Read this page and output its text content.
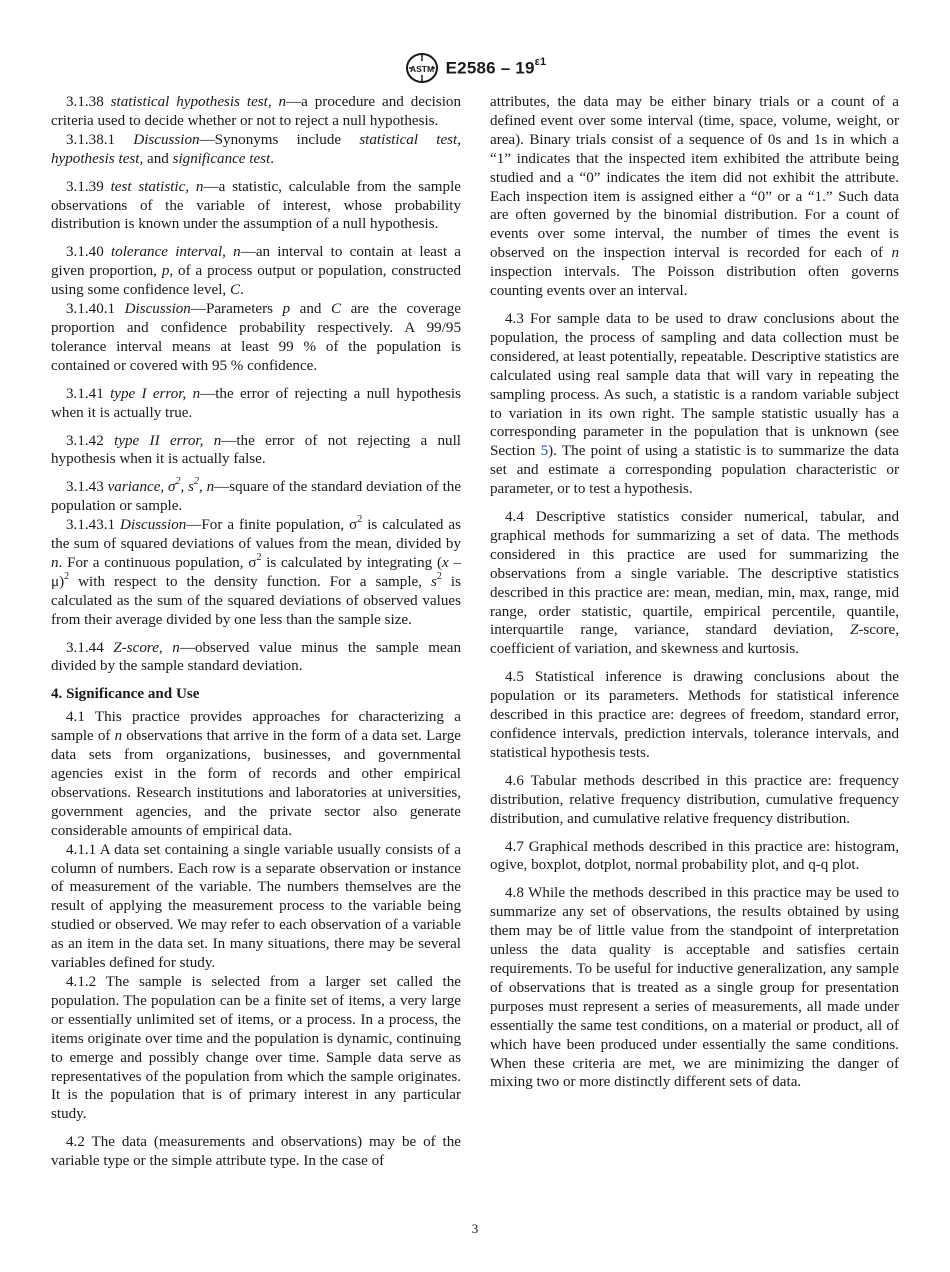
ASTM $E2586 - 19^{\varepsilon 1}$

3.1.38 statistical hypothesis test, n—a procedure and decision criteria used to decide whether or not to reject a null hypothesis.

3.1.38.1 Discussion—Synonyms include statistical test, hypothesis test, and significance test.

3.1.39 test statistic, n—a statistic, calculable from the sample observations of the variable of interest, whose probability distribution is known under the assumption of a null hypothesis.

3.1.40 tolerance interval, n—an interval to contain at least a given proportion, p, of a process output or population, constructed using some confidence level, C.

3.1.40.1 Discussion—Parameters p and C are the coverage proportion and confidence probability respectively. A 99/95 tolerance interval means at least 99 % of the population is contained or covered with 95 % confidence.

3.1.41 type I error, n—the error of rejecting a null hypothesis when it is actually true.

3.1.42 type II error, n—the error of not rejecting a null hypothesis when it is actually false.

3.1.43 variance, $\sigma^2$, $s^2$, n—square of the standard deviation of the population or sample.

3.1.43.1 Discussion—For a finite population, $\sigma^2$ is calculated as the sum of squared deviations of values from the mean, divided by n. For a continuous population, $\sigma^2$ is calculated by integrating (x – μ)$^2$ with respect to the density function. For a sample, $s^2$ is calculated as the sum of the squared deviations of observed values from their average divided by one less than the sample size.

3.1.44 Z-score, n—observed value minus the sample mean divided by the sample standard deviation.

4. Significance and Use

4.1 This practice provides approaches for characterizing a sample of n observations that arrive in the form of a data set. Large data sets from organizations, businesses, and governmental agencies exist in the form of records and other empirical observations. Research institutions and laboratories at universities, government agencies, and the private sector also generate considerable amounts of empirical data.

4.1.1 A data set containing a single variable usually consists of a column of numbers. Each row is a separate observation or instance of measurement of the variable. The numbers themselves are the result of applying the measurement process to the variable being studied or observed. We may refer to each observation of a variable as an item in the data set. In many situations, there may be several variables defined for study.

4.1.2 The sample is selected from a larger set called the population. The population can be a finite set of items, a very large or essentially unlimited set of items, or a process. In a process, the items originate over time and the population is dynamic, continuing to emerge and possibly change over time. Sample data serve as representatives of the population from which the sample originates. It is the population that is of primary interest in any particular study.

4.2 The data (measurements and observations) may be of the variable type or the simple attribute type. In the case of

attributes, the data may be either binary trials or a count of a defined event over some interval (time, space, volume, weight, or area). Binary trials consist of a sequence of 0s and 1s in which a “1” indicates that the inspected item exhibited the attribute being studied and a “0” indicates the item did not exhibit the attribute. Each inspection item is assigned either a “0” or a “1.” Such data are often governed by the binomial distribution. For a count of events over some interval, the number of times the event is observed on the inspection interval is recorded for each of n inspection intervals. The Poisson distribution often governs counting events over an interval.

4.3 For sample data to be used to draw conclusions about the population, the process of sampling and data collection must be considered, at least potentially, repeatable. Descriptive statistics are calculated using real sample data that will vary in repeating the sampling process. As such, a statistic is a random variable subject to variation in its own right. The sample statistic usually has a corresponding parameter in the population that is unknown (see Section 5). The point of using a statistic is to summarize the data set and estimate a corresponding population characteristic or parameter, or to test a hypothesis.

4.4 Descriptive statistics consider numerical, tabular, and graphical methods for summarizing a set of data. The methods considered in this practice are used for summarizing the observations from a single variable. The descriptive statistics described in this practice are: mean, median, min, max, range, mid range, order statistic, quartile, empirical percentile, quantile, interquartile range, variance, standard deviation, Z-score, coefficient of variation, and skewness and kurtosis.

4.5 Statistical inference is drawing conclusions about the population or its parameters. Methods for statistical inference described in this practice are: degrees of freedom, standard error, confidence intervals, prediction intervals, tolerance intervals, and statistical hypothesis tests.

4.6 Tabular methods described in this practice are: frequency distribution, relative frequency distribution, cumulative frequency distribution, and cumulative relative frequency distribution.

4.7 Graphical methods described in this practice are: histogram, ogive, boxplot, dotplot, normal probability plot, and q-q plot.

4.8 While the methods described in this practice may be used to summarize any set of observations, the results obtained by using them may be of little value from the standpoint of interpretation unless the data quality is acceptable and satisfies certain requirements. To be useful for inductive generalization, any sample of observations that is treated as a single group for presentation purposes must represent a series of measurements, all made under essentially the same test conditions, on a material or product, all of which have been produced under essentially the same conditions. When these criteria are met, we are minimizing the danger of mixing two or more distinctly different sets of data.

3
